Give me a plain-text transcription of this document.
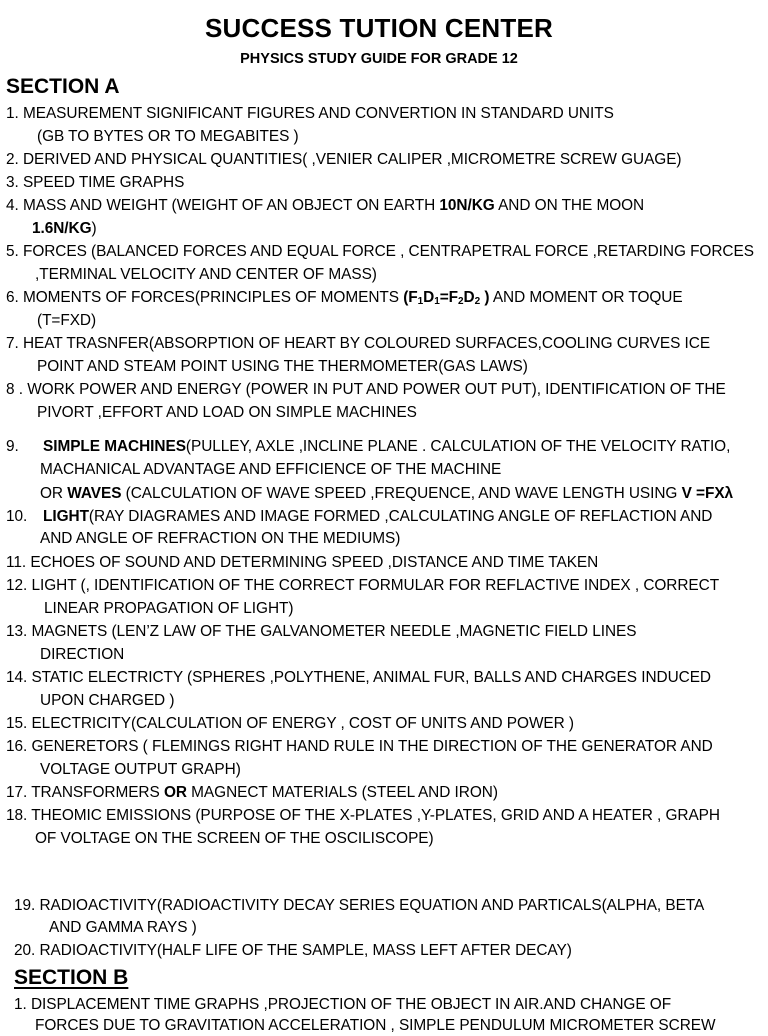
SUCCESS TUTION CENTER
PHYSICS STUDY GUIDE FOR GRADE 12
SECTION A
1. MEASUREMENT SIGNIFICANT FIGURES AND CONVERTION IN STANDARD UNITS
(GB TO BYTES OR TO MEGABITES )
2. DERIVED AND PHYSICAL QUANTITIES( ,VENIER CALIPER ,MICROMETRE SCREW GUAGE)
3. SPEED TIME GRAPHS
4. MASS AND WEIGHT (WEIGHT OF AN OBJECT ON EARTH 10N/KG AND ON THE MOON
1.6N/KG)
5. FORCES (BALANCED FORCES AND EQUAL FORCE , CENTRAPETRAL FORCE ,RETARDING FORCES
,TERMINAL VELOCITY AND CENTER OF MASS)
6. MOMENTS OF FORCES(PRINCIPLES OF MOMENTS ($F_1D_1=F_2D_2$ ) AND MOMENT OR TOQUE
(T=FXD)
7. HEAT TRASNFER(ABSORPTION OF HEART BY COLOURED SURFACES,COOLING CURVES ICE
POINT AND STEAM POINT USING THE THERMOMETER(GAS LAWS)
8 . WORK POWER AND ENERGY (POWER IN PUT AND POWER OUT PUT), IDENTIFICATION OF THE
PIVORT ,EFFORT AND LOAD ON SIMPLE MACHINES
9. SIMPLE MACHINES(PULLEY, AXLE ,INCLINE PLANE . CALCULATION OF THE VELOCITY RATIO,
MACHANICAL ADVANTAGE AND EFFICIENCE OF THE MACHINE
OR WAVES (CALCULATION OF WAVE SPEED ,FREQUENCE, AND WAVE LENGTH USING V =FXλ
10. LIGHT(RAY DIAGRAMES AND IMAGE FORMED ,CALCULATING ANGLE OF REFLACTION AND
AND ANGLE OF REFRACTION ON THE MEDIUMS)
11. ECHOES OF SOUND AND DETERMINING SPEED ,DISTANCE AND TIME TAKEN
12. LIGHT (, IDENTIFICATION OF THE CORRECT FORMULAR FOR REFLACTIVE INDEX , CORRECT
LINEAR PROPAGATION OF LIGHT)
13. MAGNETS (LEN’Z LAW OF THE GALVANOMETER NEEDLE ,MAGNETIC FIELD LINES
DIRECTION
14. STATIC ELECTRICTY (SPHERES ,POLYTHENE, ANIMAL FUR, BALLS AND CHARGES INDUCED
UPON CHARGED )
15. ELECTRICITY(CALCULATION OF ENERGY , COST OF UNITS AND POWER )
16. GENERETORS ( FLEMINGS RIGHT HAND RULE IN THE DIRECTION OF THE GENERATOR AND
VOLTAGE OUTPUT GRAPH)
17. TRANSFORMERS OR MAGNECT MATERIALS (STEEL AND IRON)
18. THEOMIC EMISSIONS (PURPOSE OF THE X-PLATES ,Y-PLATES, GRID AND A HEATER , GRAPH
OF VOLTAGE ON THE SCREEN OF THE OSCILISCOPE)
19. RADIOACTIVITY(RADIOACTIVITY DECAY SERIES EQUATION AND PARTICALS(ALPHA, BETA
AND GAMMA RAYS )
20. RADIOACTIVITY(HALF LIFE OF THE SAMPLE, MASS LEFT AFTER DECAY)
SECTION B
1. DISPLACEMENT TIME GRAPHS ,PROJECTION OF THE OBJECT IN AIR.AND CHANGE OF
FORCES DUE TO GRAVITATION ACCELERATION , SIMPLE PENDULUM MICROMETER SCREW
